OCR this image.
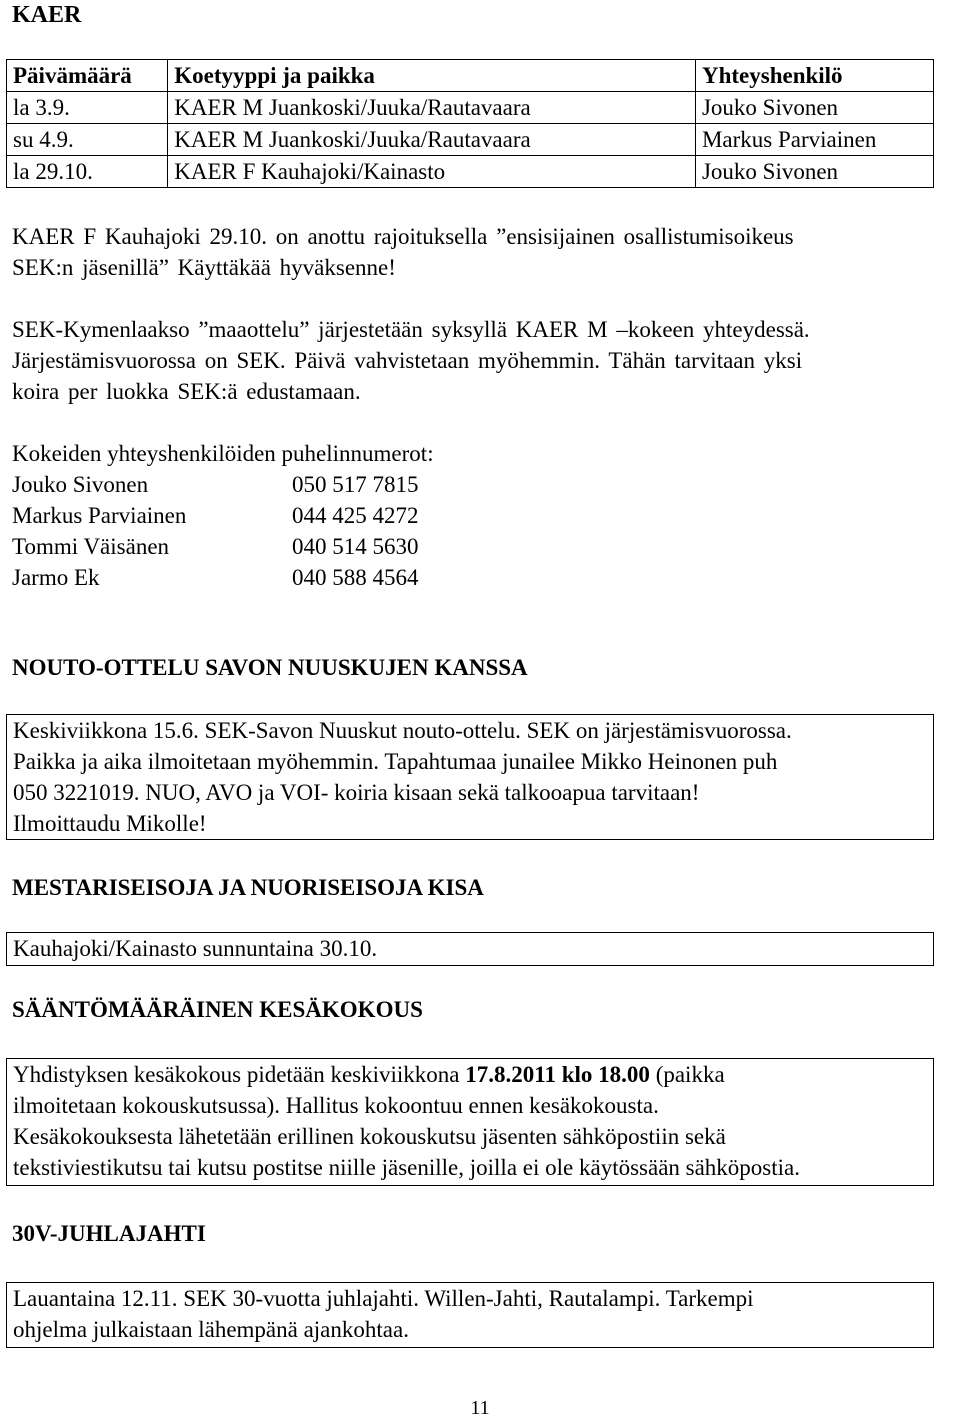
KAER
Päivämäärä	Koetyyppi ja paikka	Yhteyshenkilö
la 3.9.	KAER M Juankoski/Juuka/Rautavaara	Jouko Sivonen
su 4.9.	KAER M Juankoski/Juuka/Rautavaara	Markus Parviainen
la 29.10.	KAER F Kauhajoki/Kainasto	Jouko Sivonen
KAER F Kauhajoki 29.10. on anottu rajoituksella ”ensisijainen osallistumisoikeus
SEK:n jäsenillä” Käyttäkää hyväksenne!
SEK-Kymenlaakso ”maaottelu” järjestetään syksyllä KAER M –kokeen yhteydessä.
Järjestämisvuorossa on SEK. Päivä vahvistetaan myöhemmin. Tähän tarvitaan yksi
koira per luokka SEK:ä edustamaan.
Kokeiden yhteyshenkilöiden puhelinnumerot:
Jouko Sivonen	050 517 7815
Markus Parviainen	044 425 4272
Tommi Väisänen	040 514 5630
Jarmo Ek	040 588 4564
NOUTO-OTTELU SAVON NUUSKUJEN KANSSA
Keskiviikkona 15.6. SEK-Savon Nuuskut nouto-ottelu. SEK on järjestämisvuorossa.
Paikka ja aika ilmoitetaan myöhemmin. Tapahtumaa junailee Mikko Heinonen puh
050 3221019. NUO, AVO ja VOI- koiria kisaan sekä talkooapua tarvitaan!
Ilmoittaudu Mikolle!
MESTARISEISOJA JA NUORISEISOJA KISA
Kauhajoki/Kainasto sunnuntaina 30.10.
SÄÄNTÖMÄÄRÄINEN KESÄKOKOUS
Yhdistyksen kesäkokous pidetään keskiviikkona 17.8.2011 klo 18.00 (paikka
ilmoitetaan kokouskutsussa). Hallitus kokoontuu ennen kesäkokousta.
Kesäkokouksesta lähetetään erillinen kokouskutsu jäsenten sähköpostiin sekä
tekstiviestikutsu tai kutsu postitse niille jäsenille, joilla ei ole käytössään sähköpostia.
30V-JUHLAJAHTI
Lauantaina 12.11. SEK 30-vuotta juhlajahti. Willen-Jahti, Rautalampi. Tarkempi
ohjelma julkaistaan lähempänä ajankohtaa.
11
